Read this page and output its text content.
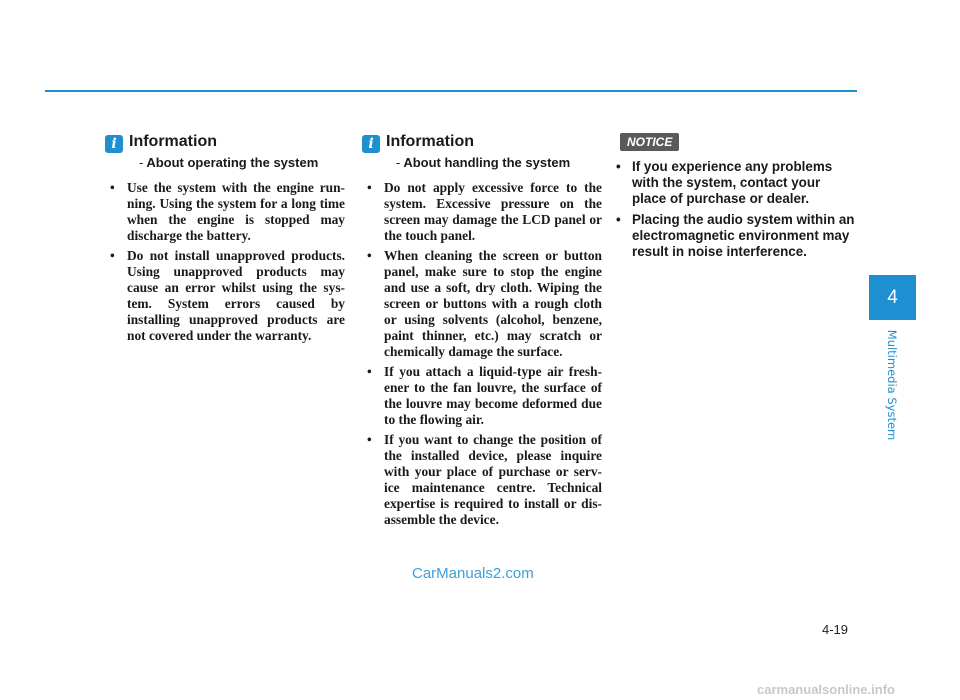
i Information
- About operating the system
• Use the system with the engine run- ning. Using the system for a long time when the engine is stopped may discharge the battery.
• Do not install unapproved products. Using unapproved products may cause an error whilst using the sys- tem. System errors caused by installing unapproved products are not covered under the warranty.
i Information
- About handling the system
• Do not apply excessive force to the system. Excessive pressure on the screen may damage the LCD panel or the touch panel.
• When cleaning the screen or button panel, make sure to stop the engine and use a soft, dry cloth. Wiping the screen or buttons with a rough cloth or using solvents (alcohol, benzene, paint thinner, etc.) may scratch or chemically damage the surface.
• If you attach a liquid-type air fresh- ener to the fan louvre, the surface of the louvre may become deformed due to the flowing air.
• If you want to change the position of the installed device, please inquire with your place of purchase or serv- ice maintenance centre. Technical expertise is required to install or dis- assemble the device.
NOTICE
• If you experience any problems with the system, contact your place of purchase or dealer.
• Placing the audio system within an electromagnetic environment may result in noise interference.
4
Multimedia System
4-19
CarManuals2.com
carmanualsonline.info
